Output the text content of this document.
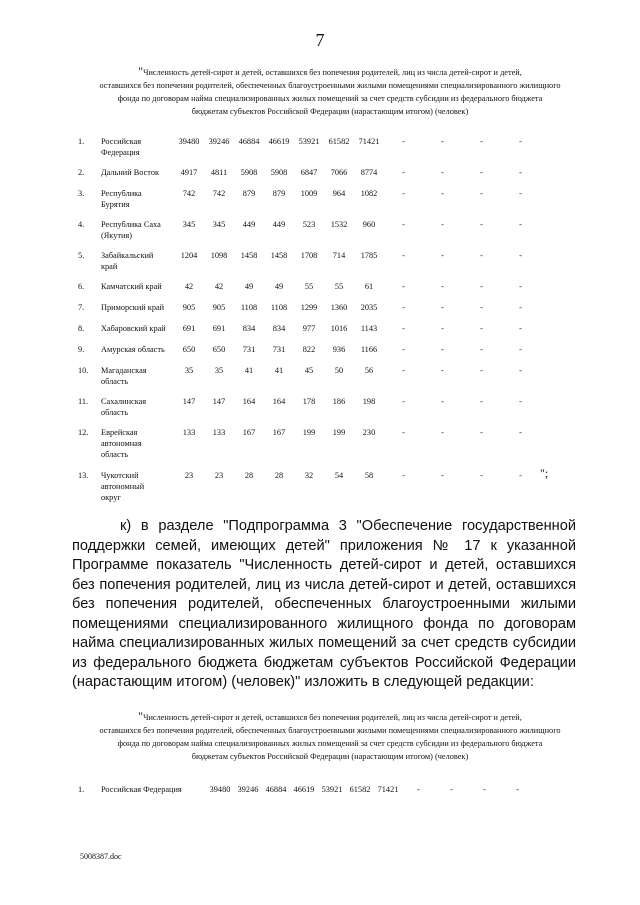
7
"Численность детей-сирот и детей, оставшихся без попечения родителей, лиц из числа детей-сирот и детей,
оставшихся без попечения родителей, обеспеченных благоустроенными жилыми помещениями специализированного жилищного
фонда по договорам найма специализированных жилых помещений за счет средств субсидии из федерального бюджета
бюджетам субъектов Российской Федерации (нарастающим итогом) (человек)
1.	Российская
Федерация	39480	39246	46884	46619	53921	61582	71421	-	-	-	-
2.	Дальний Восток	4917	4811	5908	5908	6847	7066	8774	-	-	-	-
3.	Республика
Бурятия	742	742	879	879	1009	964	1082	-	-	-	-
4.	Республика Саха
(Якутия)	345	345	449	449	523	1532	960	-	-	-	-
5.	Забайкальский
край	1204	1098	1458	1458	1708	714	1785	-	-	-	-
6.	Камчатский край	42	42	49	49	55	55	61	-	-	-	-
7.	Приморский край	905	905	1108	1108	1299	1360	2035	-	-	-	-
8.	Хабаровский край	691	691	834	834	977	1016	1143	-	-	-	-
9.	Амурская область	650	650	731	731	822	936	1166	-	-	-	-
10.	Магаданская
область	35	35	41	41	45	50	56	-	-	-	-
11.	Сахалинская
область	147	147	164	164	178	186	198	-	-	-	-
12.	Еврейская
автономная
область	133	133	167	167	199	199	230	-	-	-	-
13.	Чукотский
автономный
округ	23	23	28	28	32	54	58	-	-	-	- ";

к) в разделе "Подпрограмма 3 "Обеспечение государственной поддержки семей, имеющих детей" приложения № 17 к указанной Программе показатель "Численность детей-сирот и детей, оставшихся без попечения родителей, лиц из числа детей-сирот и детей, оставшихся без попечения родителей, обеспеченных благоустроенными жилыми помещениями специализированного жилищного фонда по договорам найма специализированных жилых помещений за счет средств субсидии из федерального бюджета бюджетам субъектов Российской Федерации (нарастающим итогом) (человек)" изложить в следующей редакции:

"Численность детей-сирот и детей, оставшихся без попечения родителей, лиц из числа детей-сирот и детей,
оставшихся без попечения родителей, обеспеченных благоустроенными жилыми помещениями специализированного жилищного
фонда по договорам найма специализированных жилых помещений за счет средств субсидии из федерального бюджета
бюджетам субъектов Российской Федерации (нарастающим итогом) (человек)
1.	Российская Федерация	39480	39246	46884	46619	53921	61582	71421	-	-	-	-
5008387.doc
